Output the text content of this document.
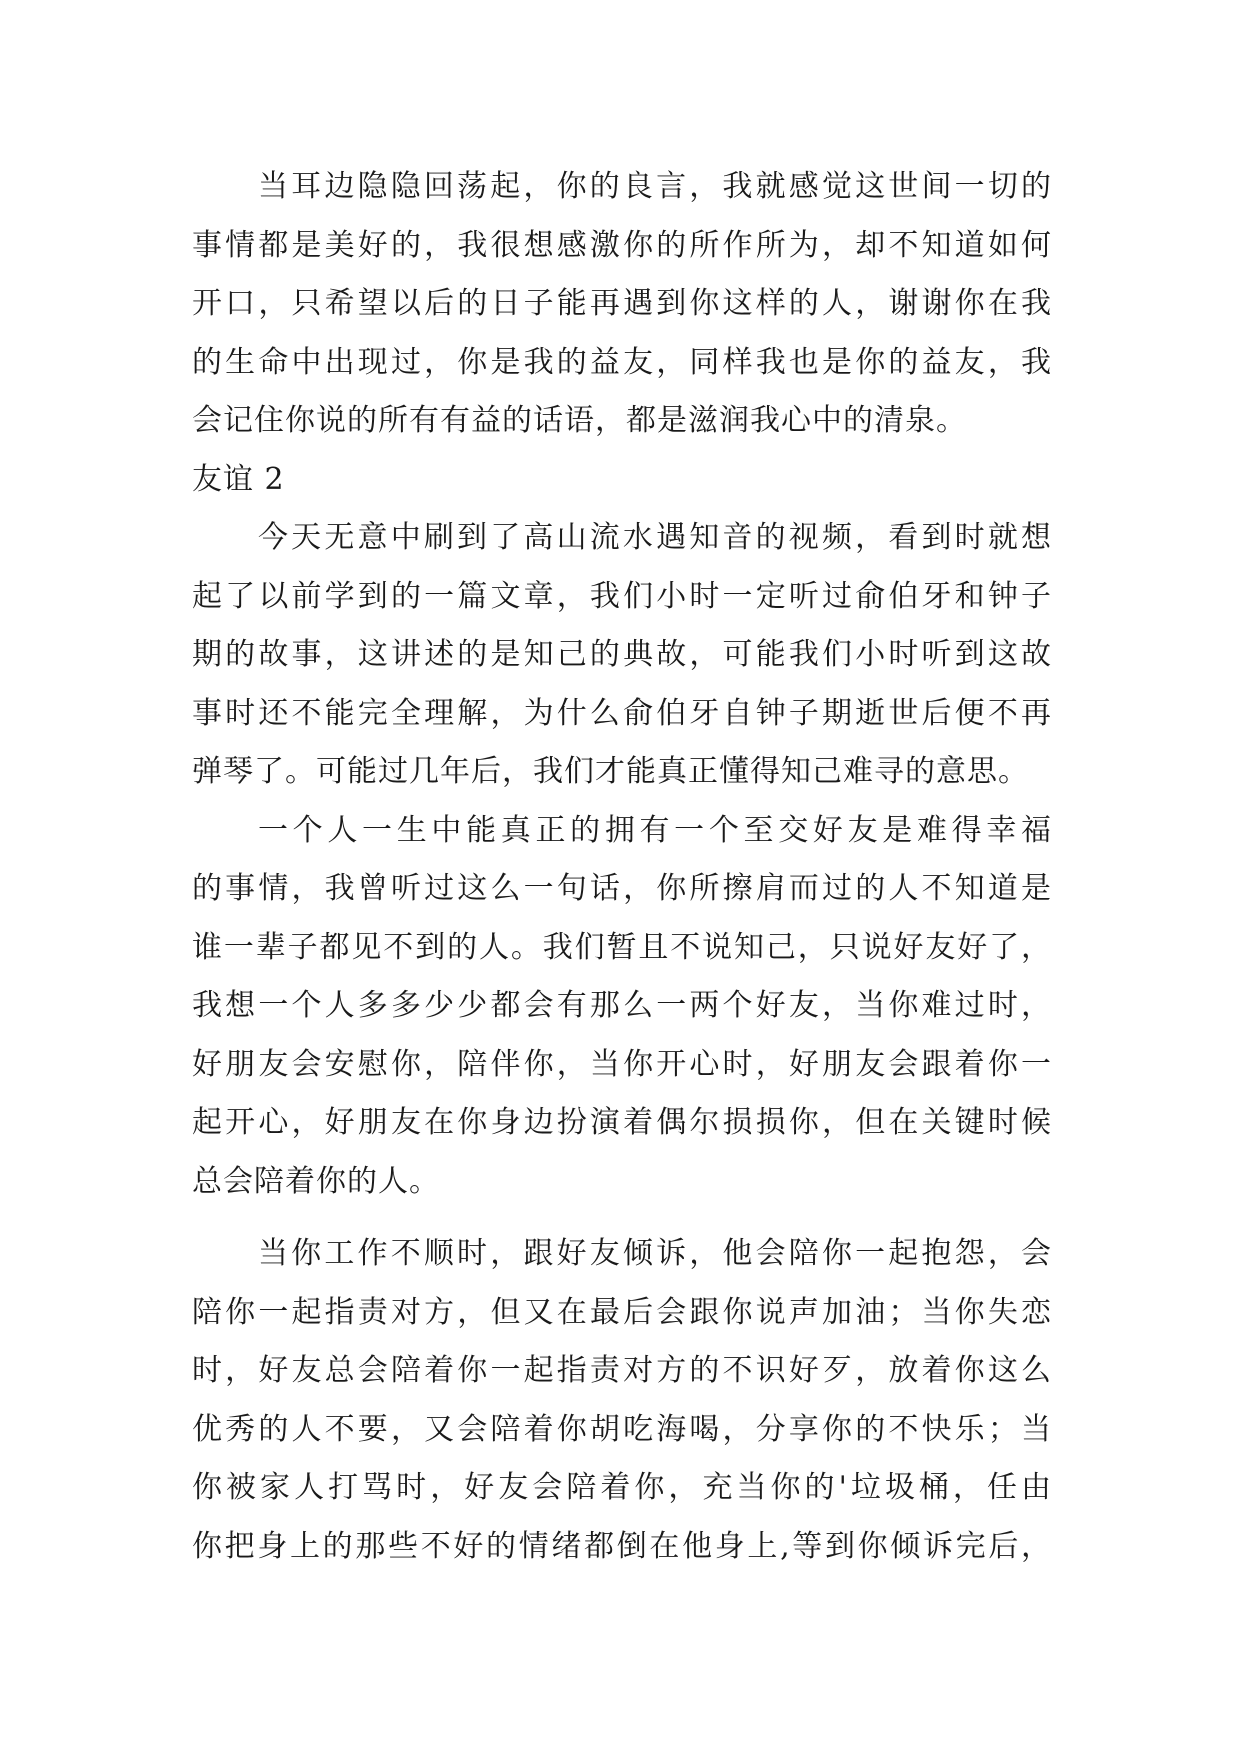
当耳边隐隐回荡起，你的良言，我就感觉这世间一切的
事情都是美好的，我很想感激你的所作所为，却不知道如何
开口，只希望以后的日子能再遇到你这样的人，谢谢你在我
的生命中出现过，你是我的益友，同样我也是你的益友，我
会记住你说的所有有益的话语，都是滋润我心中的清泉。
友谊 2
今天无意中刷到了高山流水遇知音的视频，看到时就想
起了以前学到的一篇文章，我们小时一定听过俞伯牙和钟子
期的故事，这讲述的是知己的典故，可能我们小时听到这故
事时还不能完全理解，为什么俞伯牙自钟子期逝世后便不再
弹琴了。可能过几年后，我们才能真正懂得知己难寻的意思。
一个人一生中能真正的拥有一个至交好友是难得幸福
的事情，我曾听过这么一句话，你所擦肩而过的人不知道是
谁一辈子都见不到的人。我们暂且不说知己，只说好友好了，
我想一个人多多少少都会有那么一两个好友，当你难过时，
好朋友会安慰你，陪伴你，当你开心时，好朋友会跟着你一
起开心，好朋友在你身边扮演着偶尔损损你，但在关键时候
总会陪着你的人。
当你工作不顺时，跟好友倾诉，他会陪你一起抱怨，会
陪你一起指责对方，但又在最后会跟你说声加油；当你失恋
时，好友总会陪着你一起指责对方的不识好歹，放着你这么
优秀的人不要，又会陪着你胡吃海喝，分享你的不快乐；当
你被家人打骂时，好友会陪着你，充当你的'垃圾桶，任由
你把身上的那些不好的情绪都倒在他身上,等到你倾诉完后，
